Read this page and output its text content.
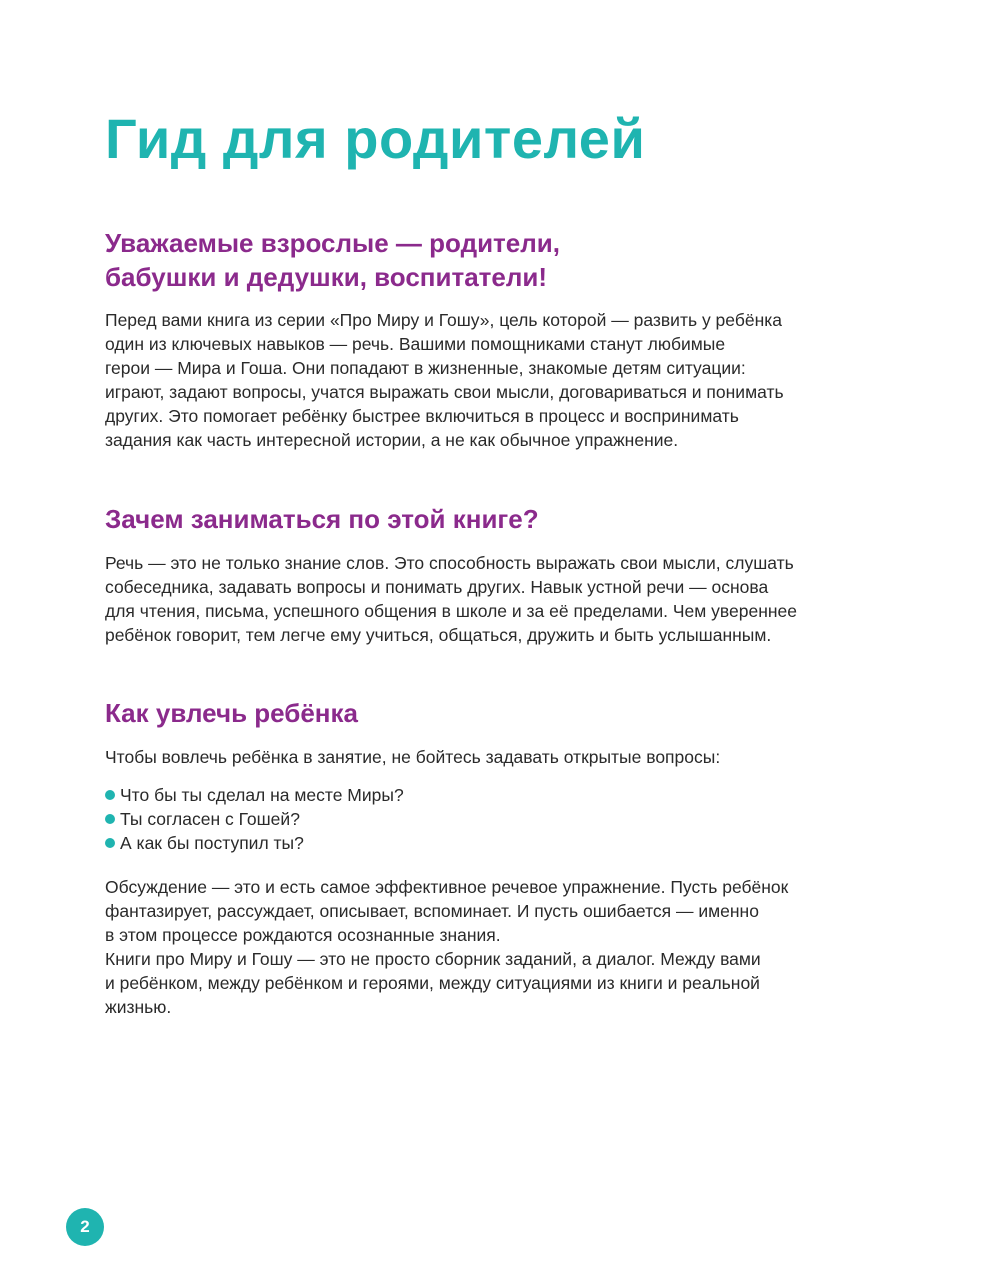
Гид для родителей
Уважаемые взрослые — родители,
бабушки и дедушки, воспитатели!

Перед вами книга из серии «Про Миру и Гошу», цель которой — развить у ребёнка
один из ключевых навыков — речь. Вашими помощниками станут любимые
герои — Мира и Гоша. Они попадают в жизненные, знакомые детям ситуации:
играют, задают вопросы, учатся выражать свои мысли, договариваться и понимать
других. Это помогает ребёнку быстрее включиться в процесс и воспринимать
задания как часть интересной истории, а не как обычное упражнение.

Зачем заниматься по этой книге?

Речь — это не только знание слов. Это способность выражать свои мысли, слушать
собеседника, задавать вопросы и понимать других. Навык устной речи — основа
для чтения, письма, успешного общения в школе и за её пределами. Чем увереннее
ребёнок говорит, тем легче ему учиться, общаться, дружить и быть услышанным.

Как увлечь ребёнка

Чтобы вовлечь ребёнка в занятие, не бойтесь задавать открытые вопросы:

Что бы ты сделал на месте Миры?
Ты согласен с Гошей?
А как бы поступил ты?

Обсуждение — это и есть самое эффективное речевое упражнение. Пусть ребёнок
фантазирует, рассуждает, описывает, вспоминает. И пусть ошибается — именно
в этом процессе рождаются осознанные знания.
Книги про Миру и Гошу — это не просто сборник заданий, а диалог. Между вами
и ребёнком, между ребёнком и героями, между ситуациями из книги и реальной
жизнью.

2
